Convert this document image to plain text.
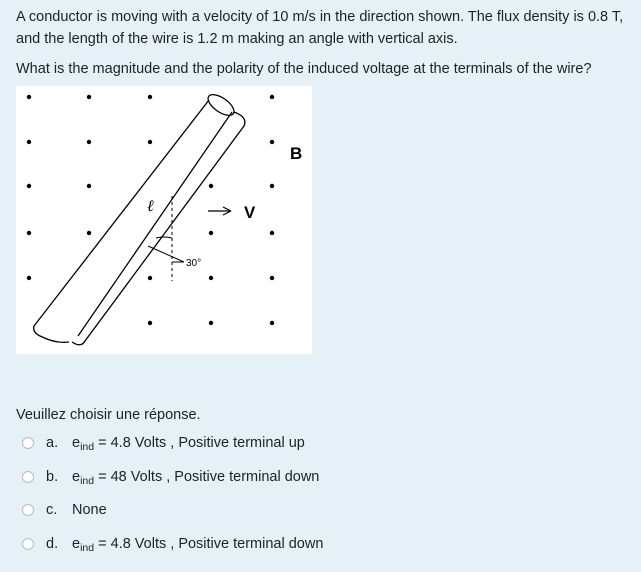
A conductor is moving with a velocity of 10 m/s in the direction shown. The flux density is 0.8 T, and the length of the wire is 1.2 m making an angle with vertical axis.

What is the magnitude and the polarity of the induced voltage at the terminals of the wire?

30°
ℓ	V
B
Veuillez choisir une réponse.
a. $e_{ind} = 4.8$ Volts , Positive terminal up
b. $e_{ind} = 48$ Volts , Positive terminal down
c.	None
d. $e_{ind} = 4.8$ Volts , Positive terminal down
